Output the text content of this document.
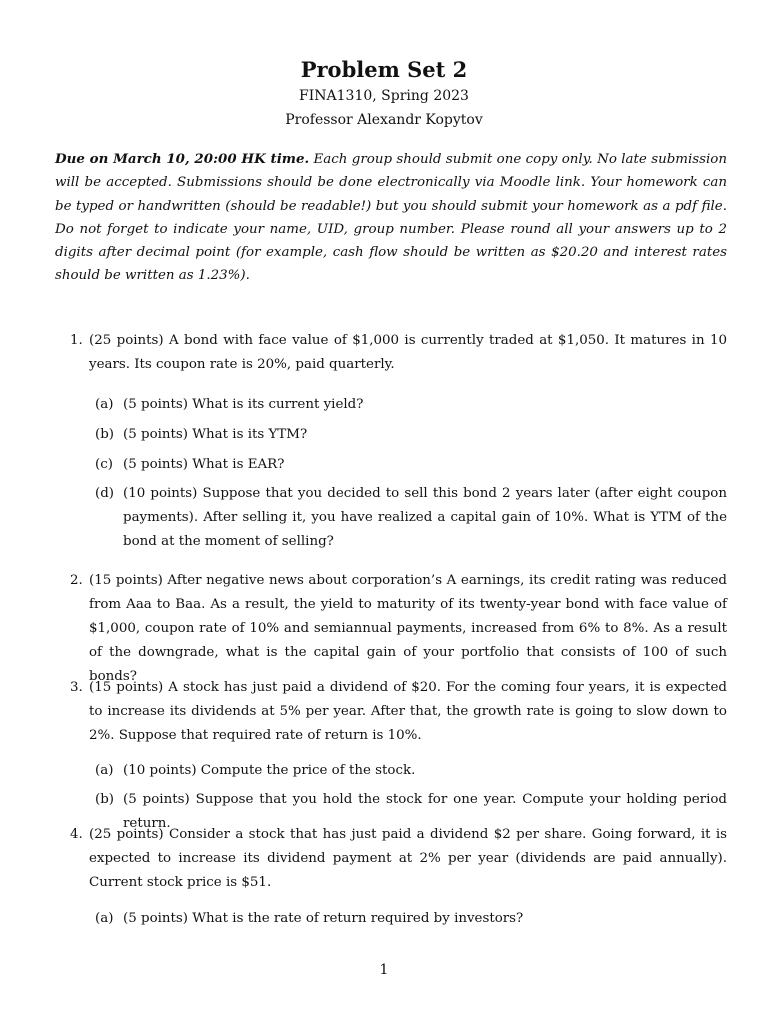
Problem Set 2
FINA1310, Spring 2023
Professor Alexandr Kopytov
Due on March 10, 20:00 HK time. Each group should submit one copy only. No late submission will be accepted. Submissions should be done electronically via Moodle link. Your homework can be typed or handwritten (should be readable!) but you should submit your homework as a pdf file. Do not forget to indicate your name, UID, group number. Please round all your answers up to 2 digits after decimal point (for example, cash flow should be written as $20.20 and interest rates should be written as 1.23%).
1. (25 points) A bond with face value of $1,000 is currently traded at $1,050. It matures in 10 years. Its coupon rate is 20%, paid quarterly.
(a) (5 points) What is its current yield?
(b) (5 points) What is its YTM?
(c) (5 points) What is EAR?
(d) (10 points) Suppose that you decided to sell this bond 2 years later (after eight coupon payments). After selling it, you have realized a capital gain of 10%. What is YTM of the bond at the moment of selling?
2. (15 points) After negative news about corporation’s A earnings, its credit rating was reduced from Aaa to Baa. As a result, the yield to maturity of its twenty-year bond with face value of $1,000, coupon rate of 10% and semiannual payments, increased from 6% to 8%. As a result of the downgrade, what is the capital gain of your portfolio that consists of 100 of such bonds?
3. (15 points) A stock has just paid a dividend of $20. For the coming four years, it is expected to increase its dividends at 5% per year. After that, the growth rate is going to slow down to 2%. Suppose that required rate of return is 10%.
(a) (10 points) Compute the price of the stock.
(b) (5 points) Suppose that you hold the stock for one year. Compute your holding period return.
4. (25 points) Consider a stock that has just paid a dividend $2 per share. Going forward, it is expected to increase its dividend payment at 2% per year (dividends are paid annually). Current stock price is $51.
(a) (5 points) What is the rate of return required by investors?
1
